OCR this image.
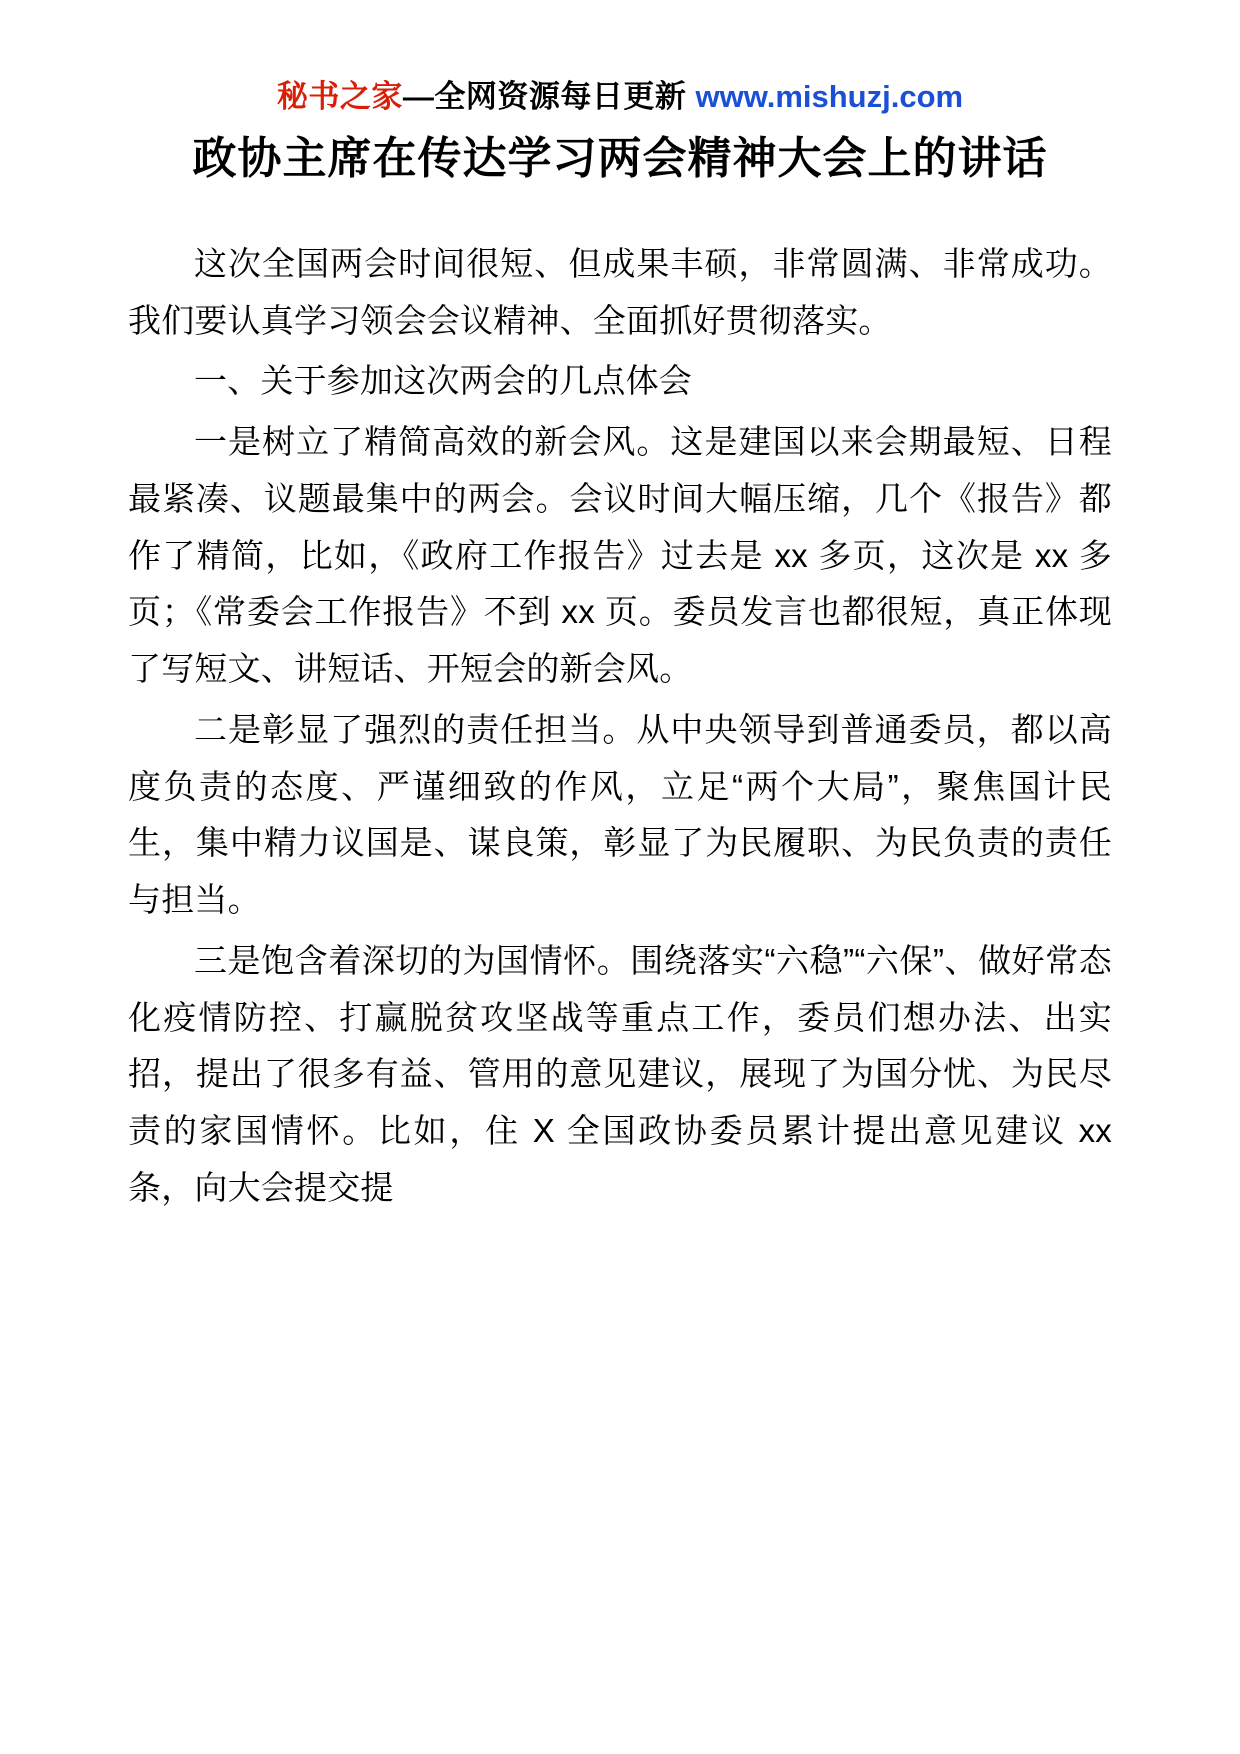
秘书之家—全网资源每日更新 www.mishuzj.com
政协主席在传达学习两会精神大会上的讲话

这次全国两会时间很短、但成果丰硕，非常圆满、非常成功。我们要认真学习领会会议精神、全面抓好贯彻落实。

一、关于参加这次两会的几点体会

一是树立了精简高效的新会风。这是建国以来会期最短、日程最紧凑、议题最集中的两会。会议时间大幅压缩，几个《报告》都作了精简，比如，《政府工作报告》过去是 xx 多页，这次是 xx 多页；《常委会工作报告》不到 xx 页。委员发言也都很短，真正体现了写短文、讲短话、开短会的新会风。

二是彰显了强烈的责任担当。从中央领导到普通委员，都以高度负责的态度、严谨细致的作风，立足“两个大局”，聚焦国计民生，集中精力议国是、谋良策，彰显了为民履职、为民负责的责任与担当。

三是饱含着深切的为国情怀。围绕落实“六稳”“六保”、做好常态化疫情防控、打赢脱贫攻坚战等重点工作，委员们想办法、出实招，提出了很多有益、管用的意见建议，展现了为国分忧、为民尽责的家国情怀。比如，住 X 全国政协委员累计提出意见建议 xx 条，向大会提交提
